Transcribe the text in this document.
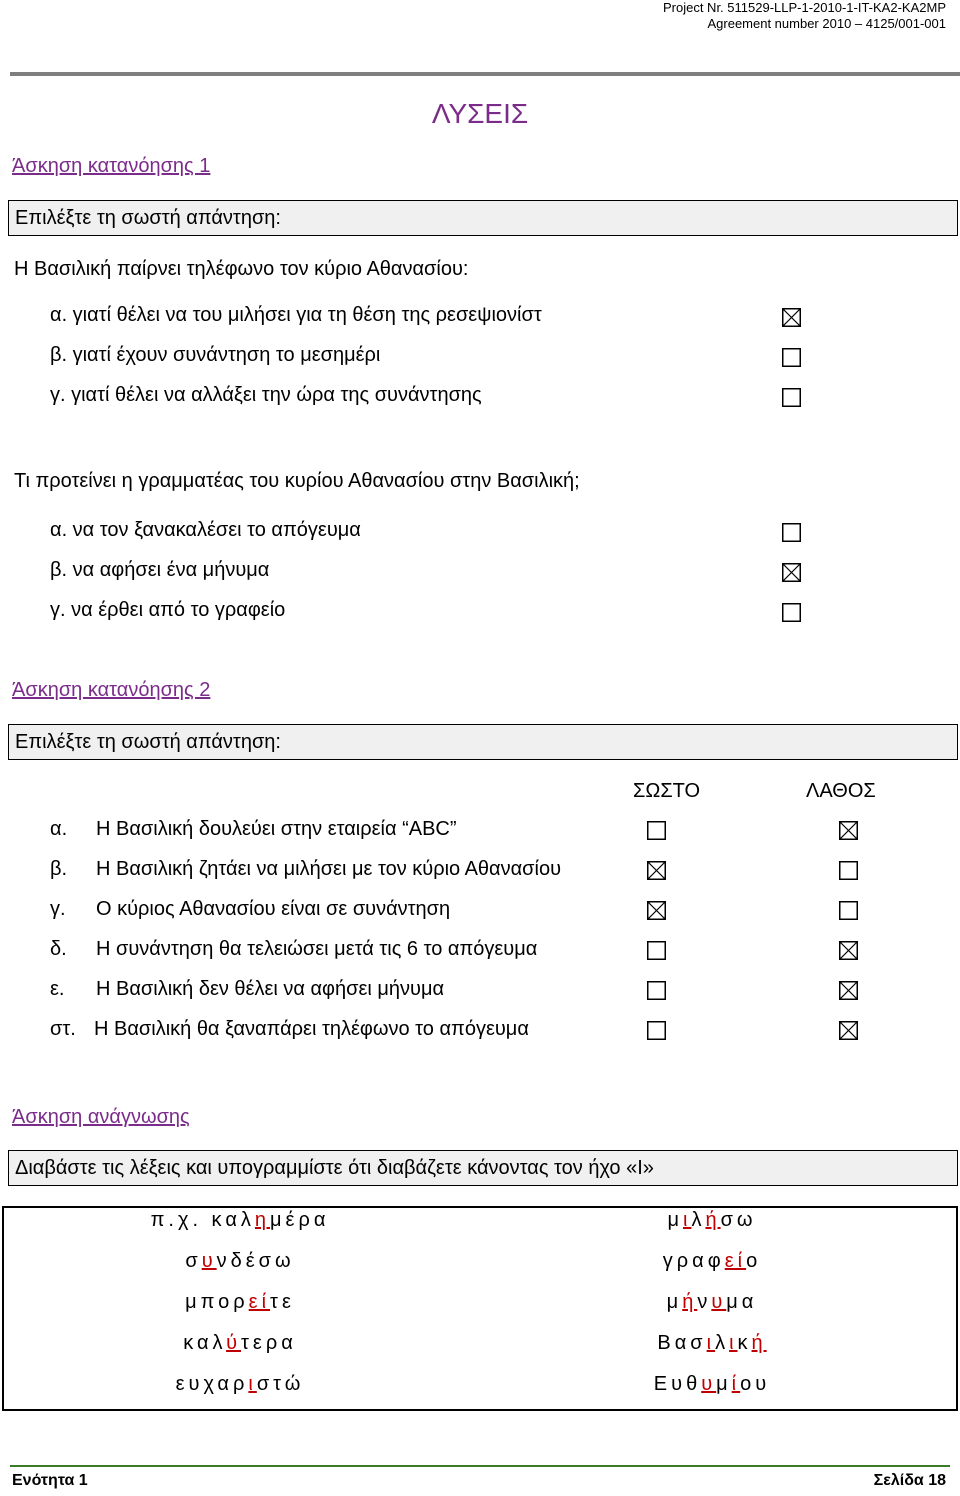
Project Nr. 511529-LLP-1-2010-1-IT-KA2-KA2MP
Agreement number 2010 – 4125/001-001
ΛΥΣΕΙΣ
Άσκηση κατανόησης 1
Επιλέξτε τη σωστή απάντηση:
Η Βασιλική παίρνει τηλέφωνο τον κύριο Αθανασίου:
α. γιατί θέλει να του μιλήσει για τη θέση της ρεσεψιονίστ
β. γιατί έχουν συνάντηση το μεσημέρι
γ. γιατί θέλει να αλλάξει την ώρα της συνάντησης
Τι προτείνει η γραμματέας του κυρίου Αθανασίου στην Βασιλική;
α. να τον ξανακαλέσει το απόγευμα
β. να αφήσει ένα μήνυμα
γ. να έρθει από το γραφείο
Άσκηση κατανόησης 2
Επιλέξτε τη σωστή απάντηση:
ΣΩΣΤΟ	ΛΑΘΟΣ
α. Η Βασιλική δουλεύει στην εταιρεία “ABC”
β. Η Βασιλική ζητάει να μιλήσει με τον κύριο Αθανασίου
γ. Ο κύριος Αθανασίου είναι σε συνάντηση
δ. Η συνάντηση θα τελειώσει μετά τις 6 το απόγευμα
ε. Η Βασιλική δεν θέλει να αφήσει μήνυμα
στ. Η Βασιλική θα ξαναπάρει τηλέφωνο το απόγευμα
Άσκηση ανάγνωσης
Διαβάστε τις λέξεις και υπογραμμίστε ότι διαβάζετε κάνοντας τον ήχο «Ι»
π.χ. καλημέρα
συνδέσω
μπορείτε
καλύτερα
ευχαριστώ
μιλήσω
γραφείο
μήνυμα
Βασιλική
Ευθυμίου
Ενότητα 1	Σελίδα 18
